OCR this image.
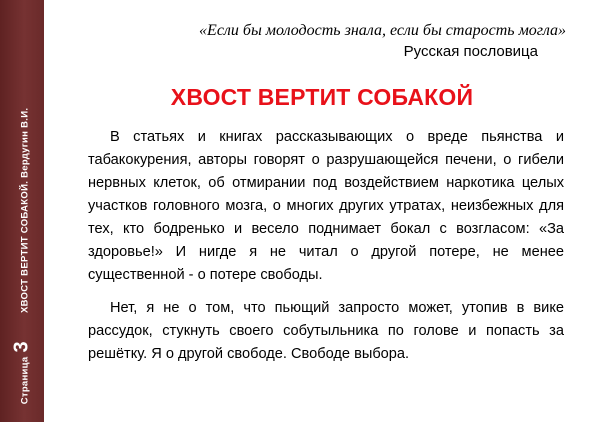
Страница
3
ХВОСТ ВЕРТИТ СОБАКОЙ. Вердугин В.И.
«Если бы молодость знала, если бы старость могла»
Русская пословица
ХВОСТ ВЕРТИТ СОБАКОЙ

В статьях и книгах рассказывающих о вреде пьянства и табакокурения, авторы говорят о разрушающейся печени, о гибели нервных клеток, об отмирании под воздействием наркотика целых участков головного мозга, о многих других утратах, неизбежных для тех, кто бодренько и весело поднимает бокал с возгласом: «За здоровье!» И нигде я не читал о другой потере, не менее существенной - о потере свободы.

Нет, я не о том, что пьющий запросто может, утопив в вике рассудок, стукнуть своего собутыльника по голове и попасть за решётку. Я о другой свободе. Свободе выбора.
